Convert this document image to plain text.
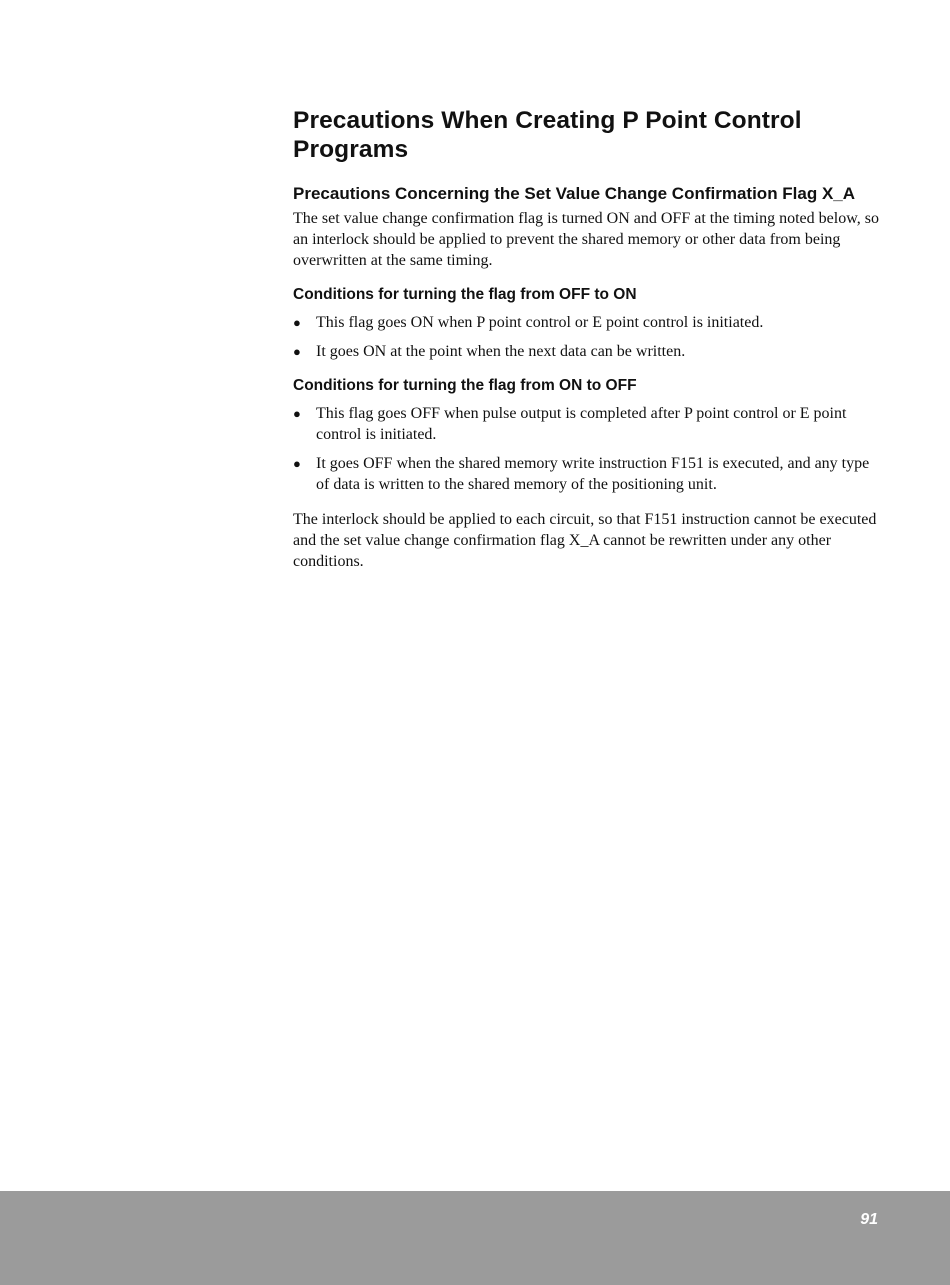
Precautions When Creating P Point Control Programs
Precautions Concerning the Set Value Change Confirmation Flag X_A

The set value change confirmation flag is turned ON and OFF at the timing noted below, so an interlock should be applied to prevent the shared memory or other data from being overwritten at the same timing.

Conditions for turning the flag from OFF to ON
● This flag goes ON when P point control or E point control is initiated.
● It goes ON at the point when the next data can be written.
Conditions for turning the flag from ON to OFF
● This flag goes OFF when pulse output is completed after P point control or E point control is initiated.
● It goes OFF when the shared memory write instruction F151 is executed, and any type of data is written to the shared memory of the positioning unit.

The interlock should be applied to each circuit, so that F151 instruction cannot be executed and the set value change confirmation flag X_A cannot be rewritten under any other conditions.

91
